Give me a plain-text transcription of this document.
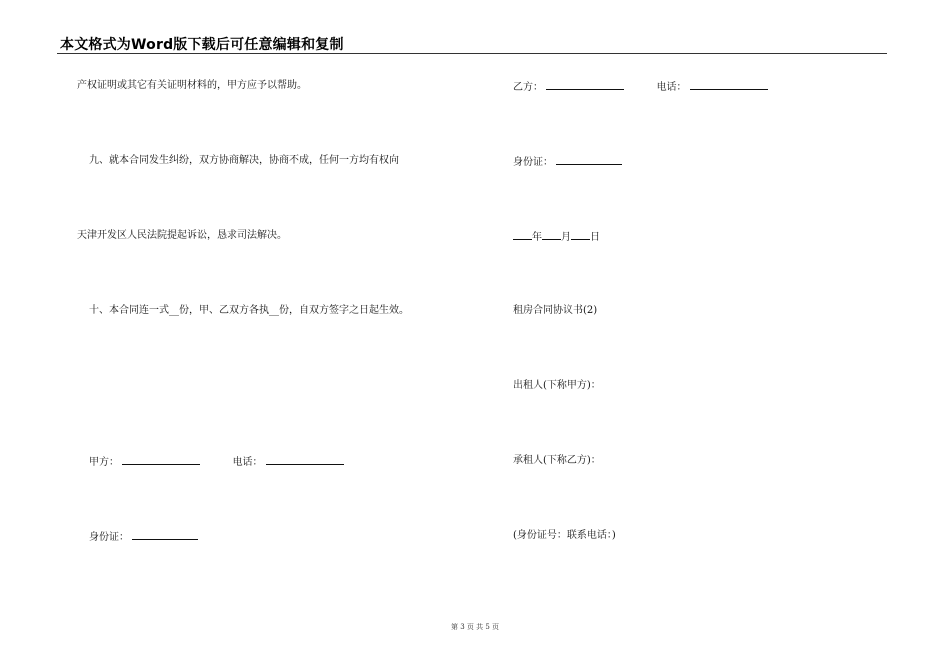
本文格式为Word版下载后可任意编辑和复制
产权证明或其它有关证明材料的，甲方应予以帮助。
九、就本合同发生纠纷，双方协商解决，协商不成，任何一方均有权向
天津开发区人民法院提起诉讼，恳求司法解决。
十、本合同连一式__份，甲、乙双方各执__份，自双方签字之日起生效。
甲方：	电话：
身份证：
乙方：	电话：
身份证：
年 月 日
租房合同协议书(2)
出租人(下称甲方)：
承租人(下称乙方)：
(身份证号：联系电话：)
第 3 页 共 5 页
